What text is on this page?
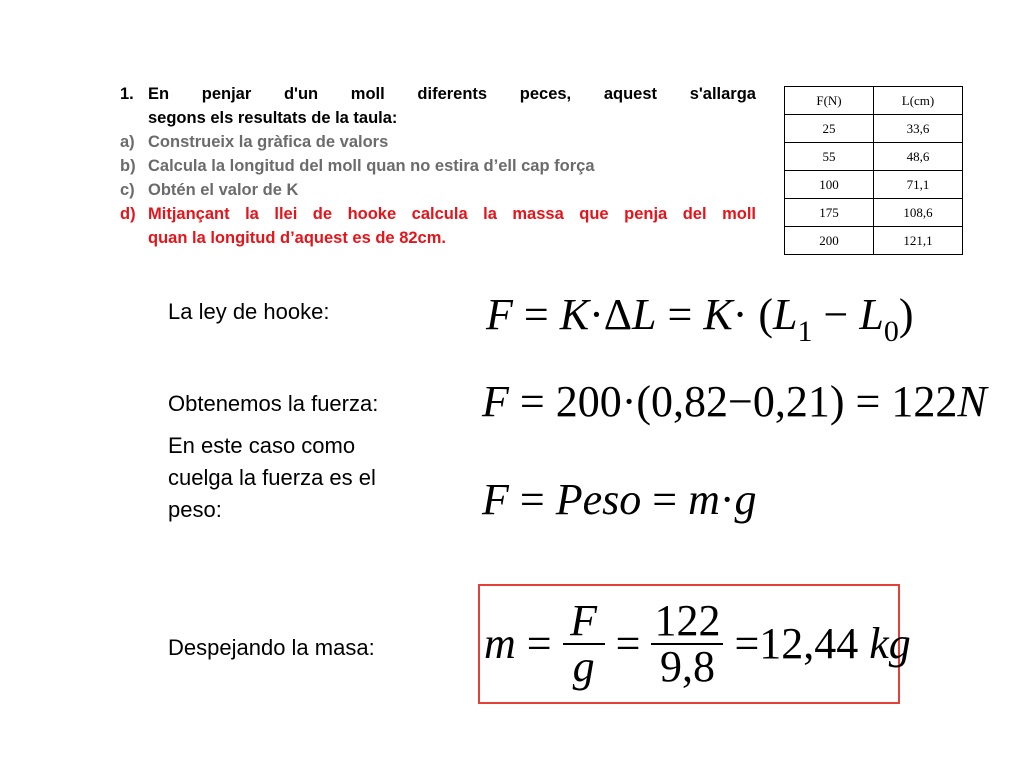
1. En penjar d'un moll diferents peces, aquest s'allarga
segons els resultats de la taula:
a) Construeix la gràfica de valors
b) Calcula la longitud del moll quan no estira d’ell cap força
c) Obtén el valor de K
d) Mitjançant la llei de hooke calcula la massa que penja del moll
quan la longitud d’aquest es de 82cm.
F(N)	L(cm)
25	33,6
55	48,6
100	71,1
175	108,6
200	121,1
La ley de hooke:
Obtenemos la fuerza:
En este caso como
cuelga la fuerza es el
peso:
Despejando la masa:
$F = K\cdot\Delta L = K\cdot (L_1 - L_0)$
F = 200·(0,82−0,21) = 122N
F = Peso = m·g
m
=
$\frac{F}{g}$
=
$\frac{122}{9,8}$
= 12,44
kg
